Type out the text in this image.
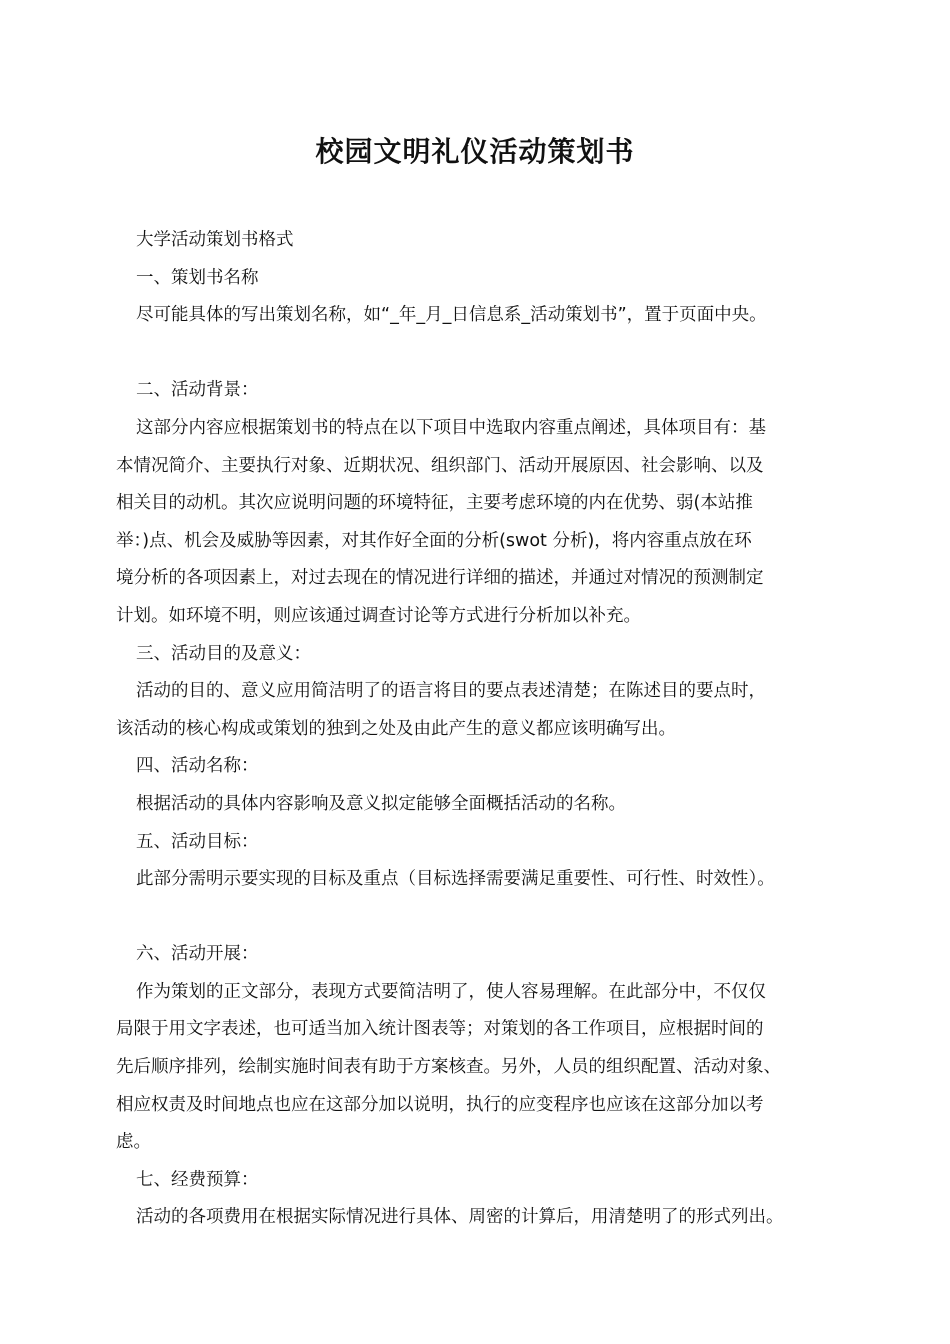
校园文明礼仪活动策划书

大学活动策划书格式

一、策划书名称

尽可能具体的写出策划名称，如“_年_月_日信息系_活动策划书”，置于页面中央。

二、活动背景：

这部分内容应根据策划书的特点在以下项目中选取内容重点阐述，具体项目有：基

本情况简介、主要执行对象、近期状况、组织部门、活动开展原因、社会影响、以及

相关目的动机。其次应说明问题的环境特征，主要考虑环境的内在优势、弱(本站推

举：)点、机会及威胁等因素，对其作好全面的分析(swot 分析)，将内容重点放在环

境分析的各项因素上，对过去现在的情况进行详细的描述，并通过对情况的预测制定

计划。如环境不明，则应该通过调查讨论等方式进行分析加以补充。

三、活动目的及意义：

活动的目的、意义应用简洁明了的语言将目的要点表述清楚；在陈述目的要点时，

该活动的核心构成或策划的独到之处及由此产生的意义都应该明确写出。

四、活动名称：

根据活动的具体内容影响及意义拟定能够全面概括活动的名称。

五、活动目标：

此部分需明示要实现的目标及重点（目标选择需要满足重要性、可行性、时效性）。

六、活动开展：

作为策划的正文部分，表现方式要简洁明了，使人容易理解。在此部分中，不仅仅

局限于用文字表述，也可适当加入统计图表等；对策划的各工作项目，应根据时间的

先后顺序排列，绘制实施时间表有助于方案核查。另外，人员的组织配置、活动对象、

相应权责及时间地点也应在这部分加以说明，执行的应变程序也应该在这部分加以考

虑。

七、经费预算：

活动的各项费用在根据实际情况进行具体、周密的计算后，用清楚明了的形式列出。
